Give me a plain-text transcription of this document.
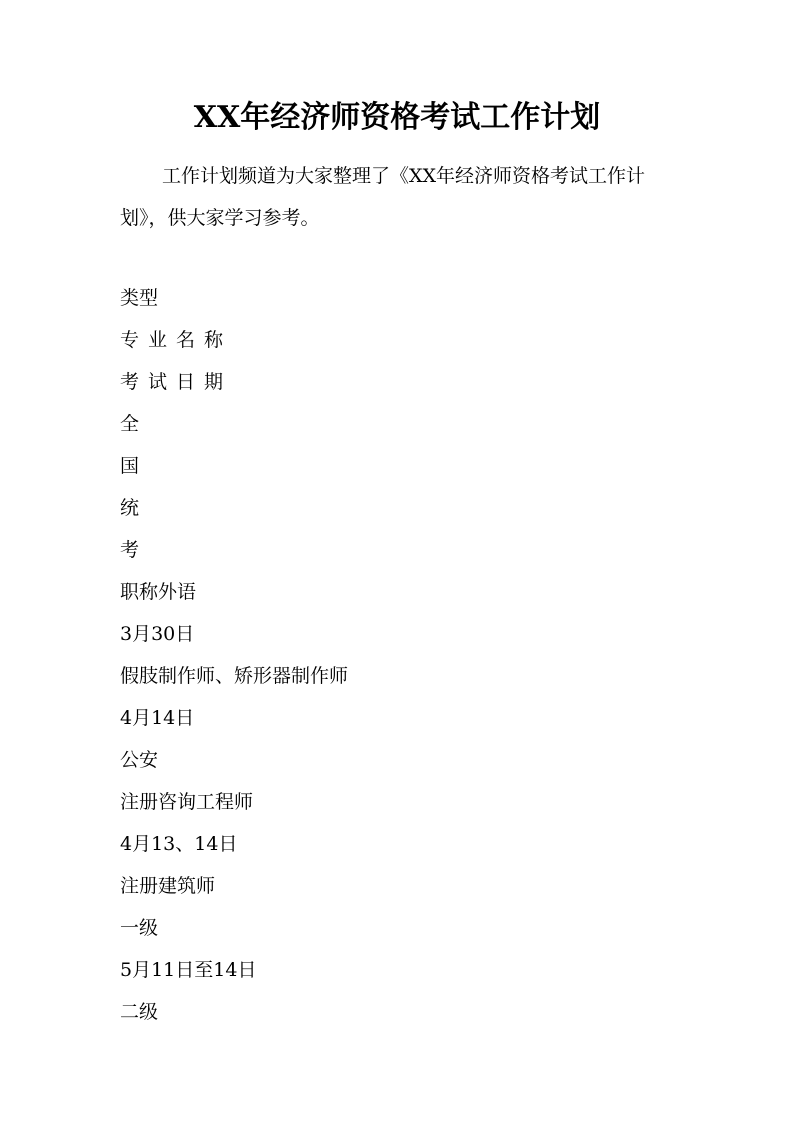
XX年经济师资格考试工作计划

工作计划频道为大家整理了《XX年经济师资格考试工作计划》，供大家学习参考。

类型
专业名称
考试日期
全
国
统
考
职称外语
3月30日
假肢制作师、矫形器制作师
4月14日
公安
注册咨询工程师
4月13、14日
注册建筑师
一级
5月11日至14日
二级
